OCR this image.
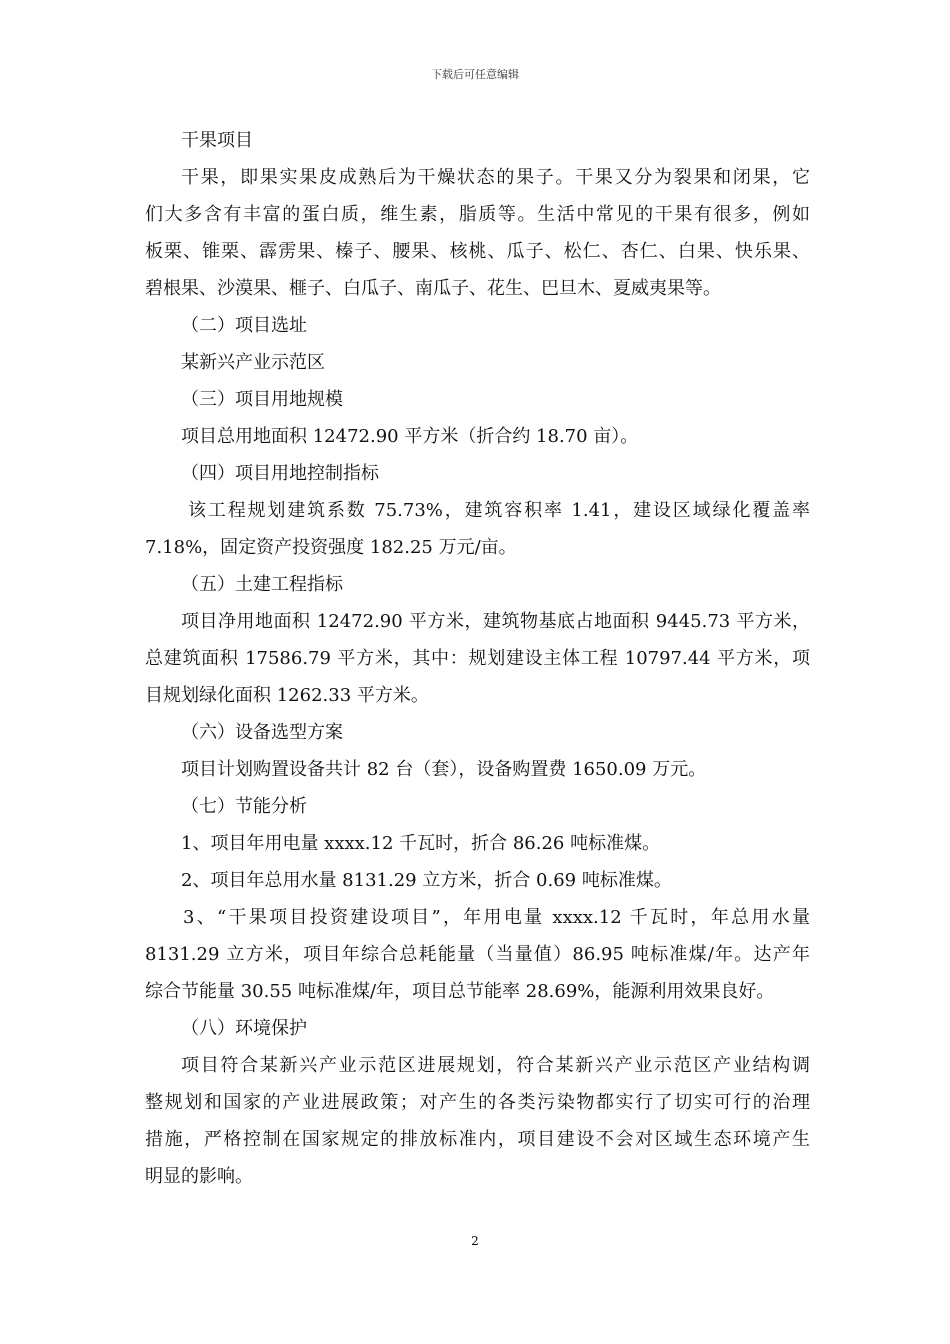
下载后可任意编辑
干果项目
干果，即果实果皮成熟后为干燥状态的果子。干果又分为裂果和闭果，它
们大多含有丰富的蛋白质，维生素，脂质等。生活中常见的干果有很多，例如
板栗、锥栗、霹雳果、榛子、腰果、核桃、瓜子、松仁、杏仁、白果、快乐果、
碧根果、沙漠果、榧子、白瓜子、南瓜子、花生、巴旦木、夏威夷果等。
（二）项目选址
某新兴产业示范区
（三）项目用地规模
项目总用地面积 12472.90 平方米（折合约 18.70 亩）。
（四）项目用地控制指标
该工程规划建筑系数 75.73%，建筑容积率 1.41，建设区域绿化覆盖率
7.18%，固定资产投资强度 182.25 万元/亩。
（五）土建工程指标
项目净用地面积 12472.90 平方米，建筑物基底占地面积 9445.73 平方米，
总建筑面积 17586.79 平方米，其中：规划建设主体工程 10797.44 平方米，项
目规划绿化面积 1262.33 平方米。
（六）设备选型方案
项目计划购置设备共计 82 台（套），设备购置费 1650.09 万元。
（七）节能分析
1、项目年用电量 xxxx.12 千瓦时，折合 86.26 吨标准煤。
2、项目年总用水量 8131.29 立方米，折合 0.69 吨标准煤。
3、“干果项目投资建设项目”，年用电量 xxxx.12 千瓦时，年总用水量
8131.29 立方米，项目年综合总耗能量（当量值）86.95 吨标准煤/年。达产年
综合节能量 30.55 吨标准煤/年，项目总节能率 28.69%，能源利用效果良好。
（八）环境保护
项目符合某新兴产业示范区进展规划，符合某新兴产业示范区产业结构调
整规划和国家的产业进展政策；对产生的各类污染物都实行了切实可行的治理
措施，严格控制在国家规定的排放标准内，项目建设不会对区域生态环境产生
明显的影响。
2
